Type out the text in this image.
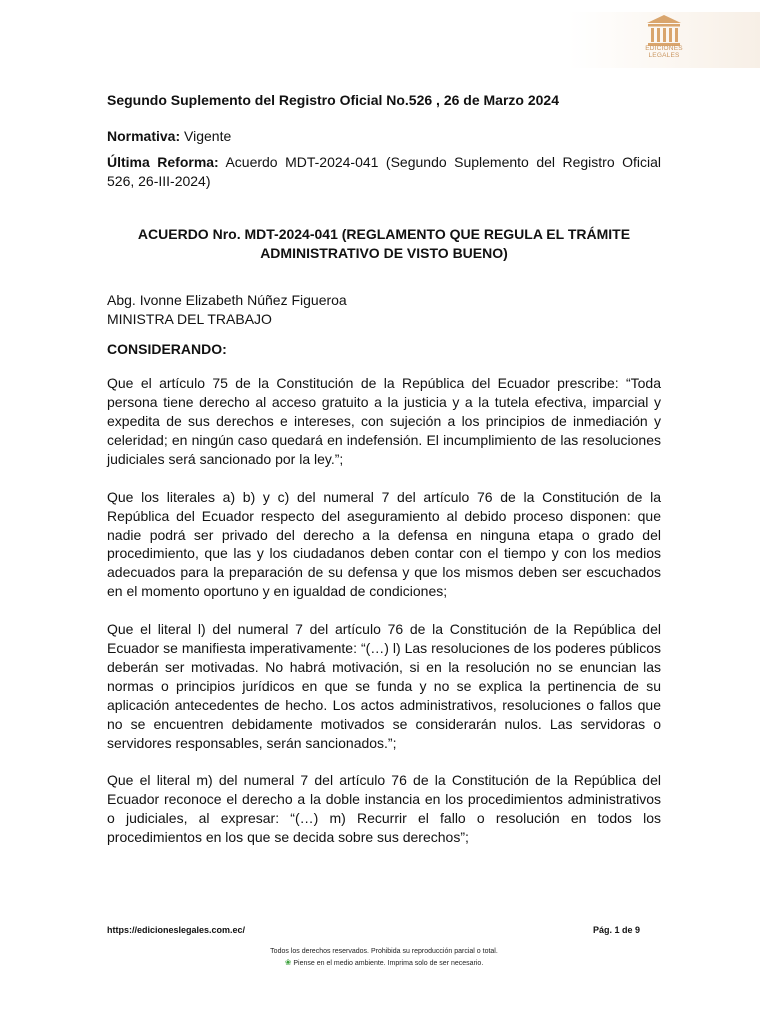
EDICIONES
LEGALES

Segundo Suplemento del Registro Oficial No.526 , 26 de Marzo 2024

Normativa: Vigente

Última Reforma: Acuerdo MDT-2024-041 (Segundo Suplemento del Registro Oficial 526, 26-III-2024)

ACUERDO Nro. MDT-2024-041 (REGLAMENTO QUE REGULA EL TRÁMITE

ADMINISTRATIVO DE VISTO BUENO)

Abg. Ivonne Elizabeth Núñez Figueroa

MINISTRA DEL TRABAJO

CONSIDERANDO:

Que el artículo 75 de la Constitución de la República del Ecuador prescribe: “Toda persona tiene derecho al acceso gratuito a la justicia y a la tutela efectiva, imparcial y expedita de sus derechos e intereses, con sujeción a los principios de inmediación y celeridad; en ningún caso quedará en indefensión. El incumplimiento de las resoluciones judiciales será sancionado por la ley.”;

Que los literales a) b) y c) del numeral 7 del artículo 76 de la Constitución de la República del Ecuador respecto del aseguramiento al debido proceso disponen: que nadie podrá ser privado del derecho a la defensa en ninguna etapa o grado del procedimiento, que las y los ciudadanos deben contar con el tiempo y con los medios adecuados para la preparación de su defensa y que los mismos deben ser escuchados en el momento oportuno y en igualdad de condiciones;

Que el literal l) del numeral 7 del artículo 76 de la Constitución de la República del Ecuador se manifiesta imperativamente: “(…) l) Las resoluciones de los poderes públicos deberán ser motivadas. No habrá motivación, si en la resolución no se enuncian las normas o principios jurídicos en que se funda y no se explica la pertinencia de su aplicación antecedentes de hecho. Los actos administrativos, resoluciones o fallos que no se encuentren debidamente motivados se considerarán nulos. Las servidoras o servidores responsables, serán sancionados.”;

Que el literal m) del numeral 7 del artículo 76 de la Constitución de la República del Ecuador reconoce el derecho a la doble instancia en los procedimientos administrativos o judiciales, al expresar: “(…) m) Recurrir el fallo o resolución en todos los procedimientos en los que se decida sobre sus derechos”;

https://edicioneslegales.com.ec/	Pág. 1 de 9
Todos los derechos reservados. Prohibida su reproducción parcial o total.
❀ Piense en el medio ambiente. Imprima solo de ser necesario.
